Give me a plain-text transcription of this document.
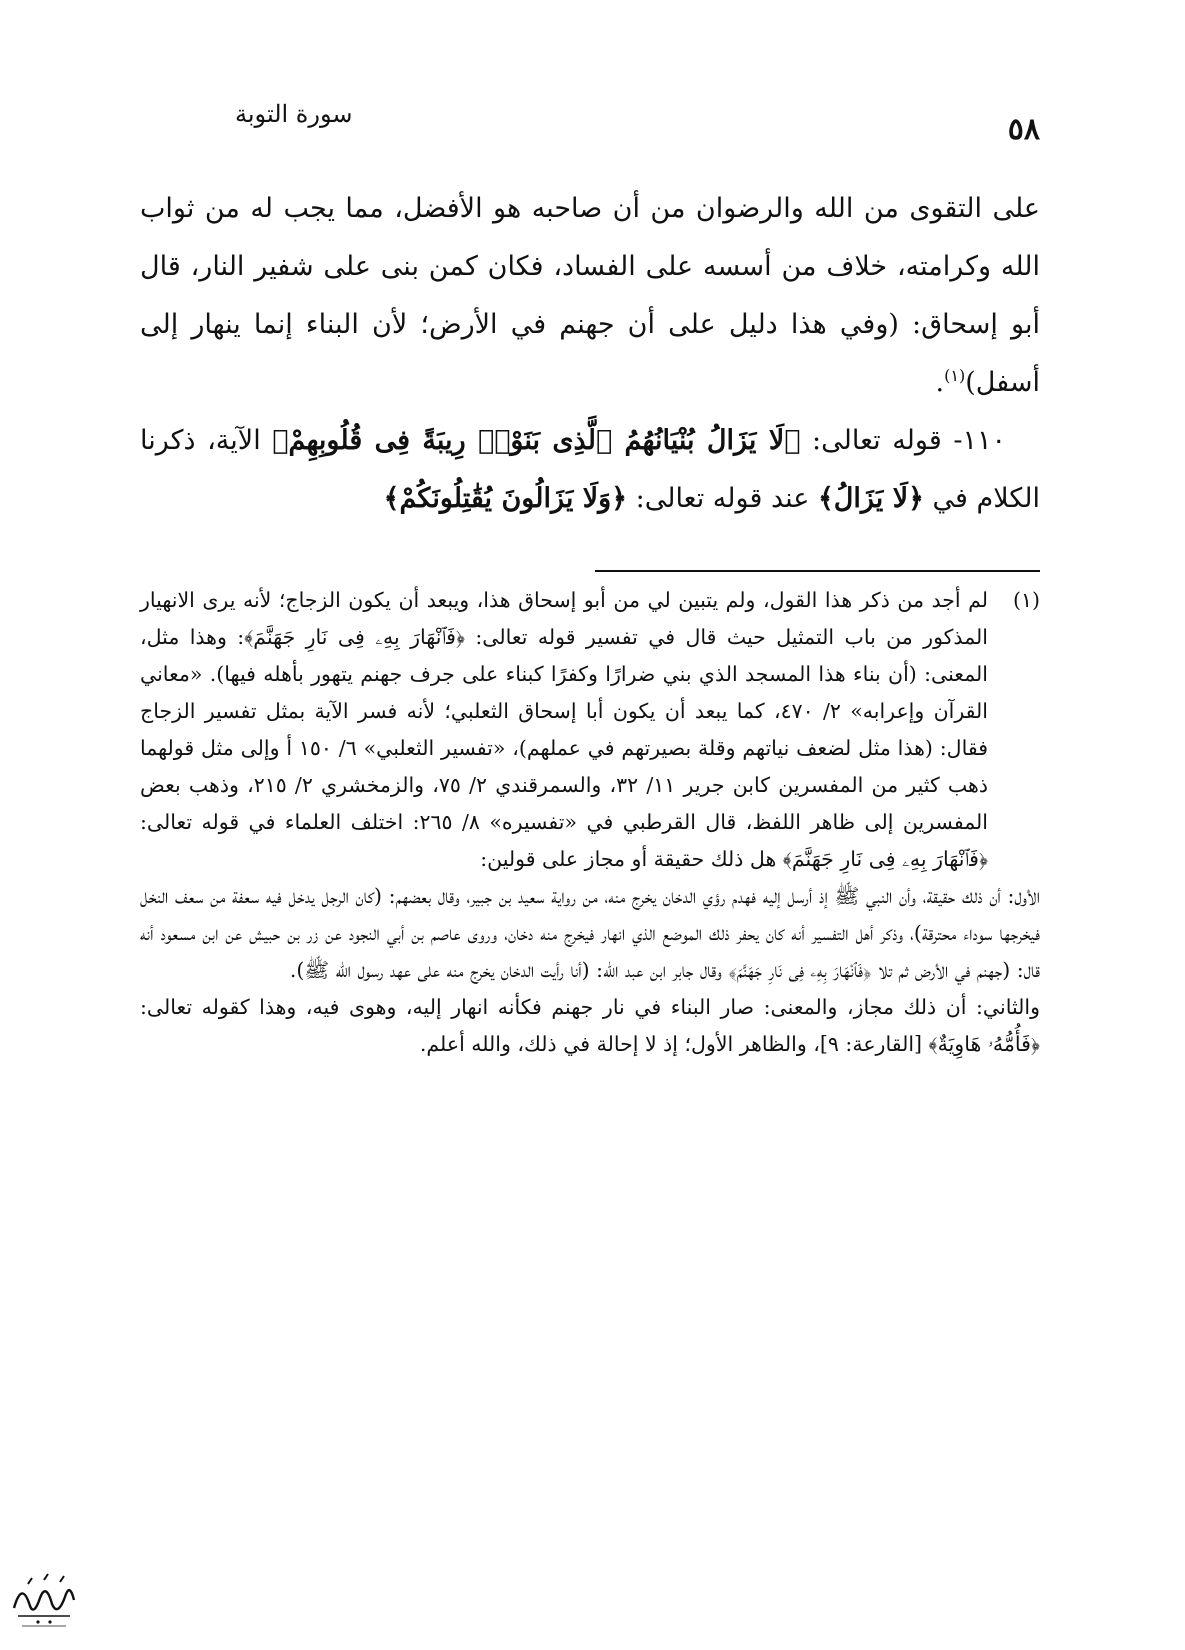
٥٨
سورة التوبة

على التقوى من الله والرضوان من أن صاحبه هو الأفضل، مما يجب له من ثواب الله وكرامته، خلاف من أسسه على الفساد، فكان كمن بنى على شفير النار، قال أبو إسحاق: (وفي هذا دليل على أن جهنم في الأرض؛ لأن البناء إنما ينهار إلى أسفل)$^{(١)}$.

١١٠- قوله تعالى: ﴿لَا يَزَالُ بُنْيَانُهُمُ ٱلَّذِى بَنَوْا۟ رِيبَةً فِى قُلُوبِهِمْ﴾ الآية، ذكرنا الكلام في ﴿لَا يَزَالُ﴾ عند قوله تعالى: ﴿وَلَا يَزَالُونَ يُقَٰتِلُونَكُمْ﴾

(١)

لم أجد من ذكر هذا القول، ولم يتبين لي من أبو إسحاق هذا، ويبعد أن يكون الزجاج؛ لأنه يرى الانهيار المذكور من باب التمثيل حيث قال في تفسير قوله تعالى: ﴿فَٱنْهَارَ بِهِۦ فِى نَارِ جَهَنَّمَ﴾: وهذا مثل، المعنى: (أن بناء هذا المسجد الذي بني ضرارًا وكفرًا كبناء على جرف جهنم يتهور بأهله فيها). «معاني القرآن وإعرابه» ٢/ ٤٧٠، كما يبعد أن يكون أبا إسحاق الثعلبي؛ لأنه فسر الآية بمثل تفسير الزجاج فقال: (هذا مثل لضعف نياتهم وقلة بصيرتهم في عملهم)، «تفسير الثعلبي» ٦/ ١٥٠ أ وإلى مثل قولهما ذهب كثير من المفسرين كابن جرير ١١/ ٣٢، والسمرقندي ٢/ ٧٥، والزمخشري ٢/ ٢١٥، وذهب بعض المفسرين إلى ظاهر اللفظ، قال القرطبي في «تفسيره» ٨/ ٢٦٥: اختلف العلماء في قوله تعالى: ﴿فَٱنْهَارَ بِهِۦ فِى نَارِ جَهَنَّمَ﴾ هل ذلك حقيقة أو مجاز على قولين:

الأول: أن ذلك حقيقة، وأن النبي ﷺ إذ أرسل إليه فهدم رؤي الدخان يخرج منه، من رواية سعيد بن جبير، وقال بعضهم: (كان الرجل يدخل فيه سعفة من سعف النخل فيخرجها سوداء محترقة)، وذكر أهل التفسير أنه كان يحفر ذلك الموضع الذي انهار فيخرج منه دخان، وروى عاصم بن أبي النجود عن زر بن حبيش عن ابن مسعود أنه قال: (جهنم في الأرض ثم تلا ﴿فَٱنْهَارَ بِهِۦ فِى نَارِ جَهَنَّمَ﴾ وقال جابر ابن عبد الله: (أنا رأيت الدخان يخرج منه على عهد رسول الله ﷺ).

والثاني: أن ذلك مجاز، والمعنى: صار البناء في نار جهنم فكأنه انهار إليه، وهوى فيه، وهذا كقوله تعالى: ﴿فَأُمُّهُۥ هَاوِيَةٌ﴾ [القارعة: ٩]، والظاهر الأول؛ إذ لا إحالة في ذلك، والله أعلم.
